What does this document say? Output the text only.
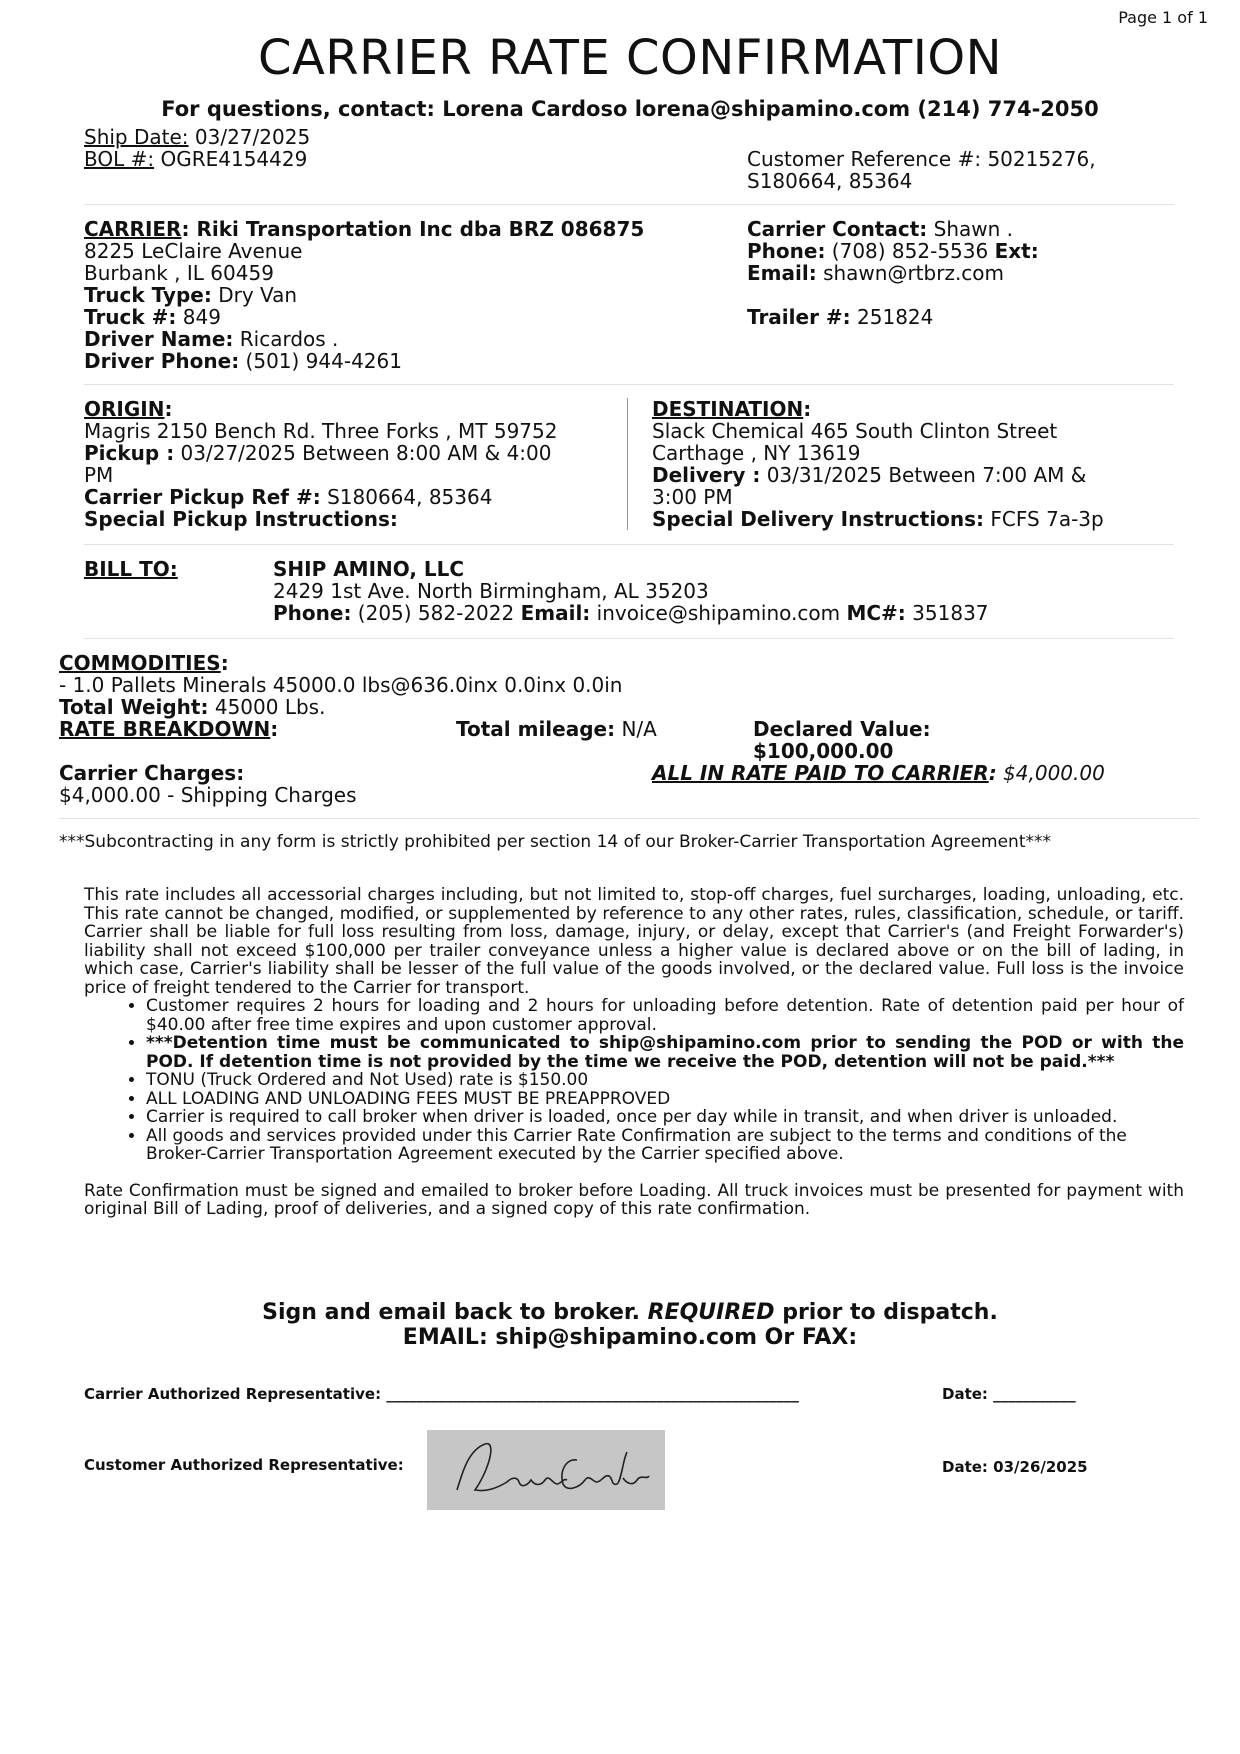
Page 1 of 1
CARRIER RATE CONFIRMATION
For questions, contact: Lorena Cardoso lorena@shipamino.com (214) 774-2050
Ship Date: 03/27/2025
BOL #: OGRE4154429	Customer Reference #: 50215276,
S180664, 85364
CARRIER: Riki Transportation Inc dba BRZ 086875
8225 LeClaire Avenue
Burbank , IL 60459
Truck Type: Dry Van
Truck #: 849
Driver Name: Ricardos .
Driver Phone: (501) 944-4261
Carrier Contact: Shawn .
Phone: (708) 852-5536 Ext:
Email: shawn@rtbrz.com
Trailer #: 251824
ORIGIN:
Magris 2150 Bench Rd. Three Forks , MT 59752
Pickup : 03/27/2025 Between 8:00 AM & 4:00
PM
Carrier Pickup Ref #: S180664, 85364
Special Pickup Instructions:
DESTINATION:
Slack Chemical 465 South Clinton Street
Carthage , NY 13619
Delivery : 03/31/2025 Between 7:00 AM &
3:00 PM
Special Delivery Instructions: FCFS 7a-3p
BILL TO:	SHIP AMINO, LLC
2429 1st Ave. North Birmingham, AL 35203
Phone: (205) 582-2022 Email: invoice@shipamino.com MC#: 351837
COMMODITIES:
- 1.0 Pallets Minerals 45000.0 lbs@636.0inx 0.0inx 0.0in
Total Weight: 45000 Lbs.
RATE BREAKDOWN:	Total mileage: N/A	Declared Value:
$100,000.00
Carrier Charges:
$4,000.00 - Shipping Charges
ALL IN RATE PAID TO CARRIER: $4,000.00
***Subcontracting in any form is strictly prohibited per section 14 of our Broker-Carrier Transportation Agreement***
This rate includes all accessorial charges including, but not limited to, stop-off charges, fuel surcharges, loading, unloading, etc. This rate cannot be changed, modified, or supplemented by reference to any other rates, rules, classification, schedule, or tariff. Carrier shall be liable for full loss resulting from loss, damage, injury, or delay, except that Carrier's (and Freight Forwarder's) liability shall not exceed $100,000 per trailer conveyance unless a higher value is declared above or on the bill of lading, in which case, Carrier's liability shall be lesser of the full value of the goods involved, or the declared value. Full loss is the invoice price of freight tendered to the Carrier for transport.
• Customer requires 2 hours for loading and 2 hours for unloading before detention. Rate of detention paid per hour of $40.00 after free time expires and upon customer approval.
• ***Detention time must be communicated to ship@shipamino.com prior to sending the POD or with the POD. If detention time is not provided by the time we receive the POD, detention will not be paid.***
• TONU (Truck Ordered and Not Used) rate is $150.00
• ALL LOADING AND UNLOADING FEES MUST BE PREAPPROVED
• Carrier is required to call broker when driver is loaded, once per day while in transit, and when driver is unloaded.
• All goods and services provided under this Carrier Rate Confirmation are subject to the terms and conditions of the Broker-Carrier Transportation Agreement executed by the Carrier specified above.
Rate Confirmation must be signed and emailed to broker before Loading. All truck invoices must be presented for payment with original Bill of Lading, proof of deliveries, and a signed copy of this rate confirmation.
Sign and email back to broker. REQUIRED prior to dispatch.
EMAIL: ship@shipamino.com Or FAX:
Carrier Authorized Representative: _______________________________________________________	Date: ___________
Customer Authorized Representative:	Date: 03/26/2025
